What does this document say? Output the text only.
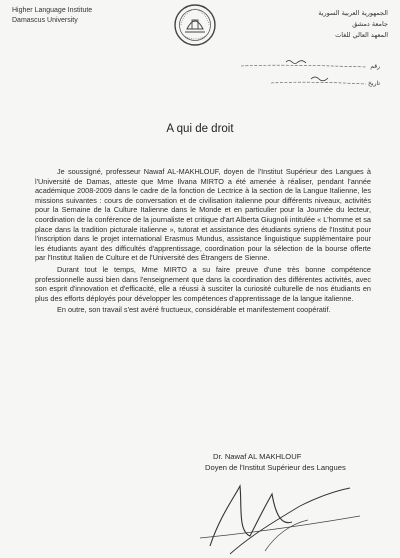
Higher Language Institute
Damascus University
الجمهورية العربية السورية
جامعة دمشق
المعهد العالي للغات
رقم
تاريخ
A qui de droit

Je soussigné, professeur Nawaf AL-MAKHLOUF, doyen de l'Institut Supérieur des Langues à l'Université de Damas, atteste que Mme Ilvana MIRTO a été amenée à réaliser, pendant l'année académique 2008-2009 dans le cadre de la fonction de Lectrice à la section de la Langue Italienne, les missions suivantes : cours de conversation et de civilisation italienne pour différents niveaux, activités pour la Semaine de la Culture Italienne dans le Monde et en particulier pour la Journée du lecteur, coordination de la conférence de la journaliste et critique d'art Alberta Giugnoli intitulée « L'homme et sa place dans la tradition picturale italienne », tutorat et assistance des étudiants syriens de l'Institut pour l'inscription dans le projet international Erasmus Mundus, assistance linguistique supplémentaire pour les étudiants ayant des difficultés d'apprentissage, coordination pour la sélection de la bourse offerte par l'Institut Italien de Culture et de l'Université des Étrangers de Sienne.

Durant tout le temps, Mme MIRTO a su faire preuve d'une très bonne compétence professionnelle aussi bien dans l'enseignement que dans la coordination des différentes activités, avec son esprit d'innovation et d'efficacité, elle a réussi à susciter la curiosité culturelle de nos étudiants en plus des efforts déployés pour développer les compétences d'apprentissage de la langue italienne.

En outre, son travail s'est avéré fructueux, considérable et manifestement coopératif.

Dr. Nawaf AL MAKHLOUF
Doyen de l'Institut Supérieur des Langues
